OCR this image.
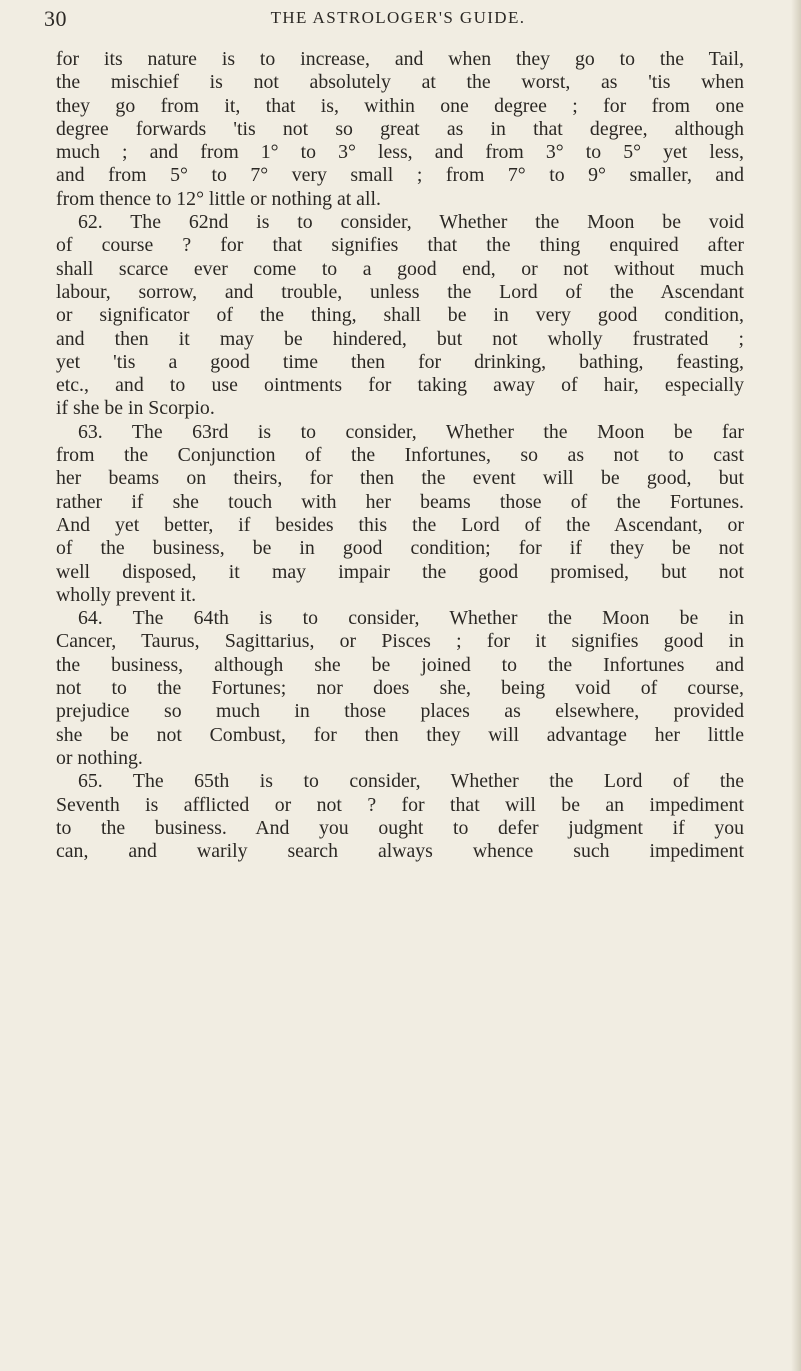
30	THE ASTROLOGER'S GUIDE.
for its nature is to increase, and when they go to the Tail,
the mischief is not absolutely at the worst, as 'tis when
they go from it, that is, within one degree ; for from one
degree forwards 'tis not so great as in that degree, although
much ; and from 1° to 3° less, and from 3° to 5° yet less,
and from 5° to 7° very small ; from 7° to 9° smaller, and
from thence to 12° little or nothing at all.
62. The 62nd is to consider, Whether the Moon be void
of course ? for that signifies that the thing enquired after
shall scarce ever come to a good end, or not without much
labour, sorrow, and trouble, unless the Lord of the Ascendant
or significator of the thing, shall be in very good condition,
and then it may be hindered, but not wholly frustrated ;
yet 'tis a good time then for drinking, bathing, feasting,
etc., and to use ointments for taking away of hair, especially
if she be in Scorpio.
63. The 63rd is to consider, Whether the Moon be far
from the Conjunction of the Infortunes, so as not to cast
her beams on theirs, for then the event will be good, but
rather if she touch with her beams those of the Fortunes.
And yet better, if besides this the Lord of the Ascendant, or
of the business, be in good condition; for if they be not
well disposed, it may impair the good promised, but not
wholly prevent it.
64. The 64th is to consider, Whether the Moon be in
Cancer, Taurus, Sagittarius, or Pisces ; for it signifies good in
the business, although she be joined to the Infortunes and
not to the Fortunes; nor does she, being void of course,
prejudice so much in those places as elsewhere, provided
she be not Combust, for then they will advantage her little
or nothing.
65. The 65th is to consider, Whether the Lord of the
Seventh is afflicted or not ? for that will be an impediment
to the business. And you ought to defer judgment if you
can, and warily search always whence such impediment
